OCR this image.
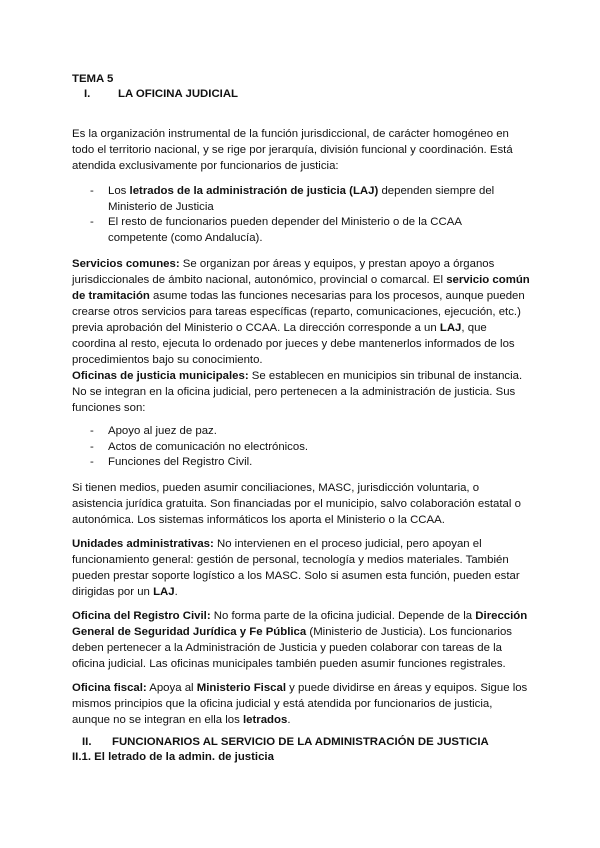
TEMA 5
I. LA OFICINA JUDICIAL

Es la organización instrumental de la función jurisdiccional, de carácter homogéneo en todo el territorio nacional, y se rige por jerarquía, división funcional y coordinación. Está atendida exclusivamente por funcionarios de justicia:

- Los letrados de la administración de justicia (LAJ) dependen siempre del Ministerio de Justicia
- El resto de funcionarios pueden depender del Ministerio o de la CCAA competente (como Andalucía).

Servicios comunes: Se organizan por áreas y equipos, y prestan apoyo a órganos jurisdiccionales de ámbito nacional, autonómico, provincial o comarcal. El servicio común de tramitación asume todas las funciones necesarias para los procesos, aunque pueden crearse otros servicios para tareas específicas (reparto, comunicaciones, ejecución, etc.) previa aprobación del Ministerio o CCAA. La dirección corresponde a un LAJ, que coordina al resto, ejecuta lo ordenado por jueces y debe mantenerlos informados de los procedimientos bajo su conocimiento.

Oficinas de justicia municipales: Se establecen en municipios sin tribunal de instancia. No se integran en la oficina judicial, pero pertenecen a la administración de justicia. Sus funciones son:

- Apoyo al juez de paz.
- Actos de comunicación no electrónicos.
- Funciones del Registro Civil.

Si tienen medios, pueden asumir conciliaciones, MASC, jurisdicción voluntaria, o asistencia jurídica gratuita. Son financiadas por el municipio, salvo colaboración estatal o autonómica. Los sistemas informáticos los aporta el Ministerio o la CCAA.

Unidades administrativas: No intervienen en el proceso judicial, pero apoyan el funcionamiento general: gestión de personal, tecnología y medios materiales. También pueden prestar soporte logístico a los MASC. Solo si asumen esta función, pueden estar dirigidas por un LAJ.

Oficina del Registro Civil: No forma parte de la oficina judicial. Depende de la Dirección General de Seguridad Jurídica y Fe Pública (Ministerio de Justicia). Los funcionarios deben pertenecer a la Administración de Justicia y pueden colaborar con tareas de la oficina judicial. Las oficinas municipales también pueden asumir funciones registrales.

Oficina fiscal: Apoya al Ministerio Fiscal y puede dividirse en áreas y equipos. Sigue los mismos principios que la oficina judicial y está atendida por funcionarios de justicia, aunque no se integran en ella los letrados.

II. FUNCIONARIOS AL SERVICIO DE LA ADMINISTRACIÓN DE JUSTICIA
II.1. El letrado de la admin. de justicia
